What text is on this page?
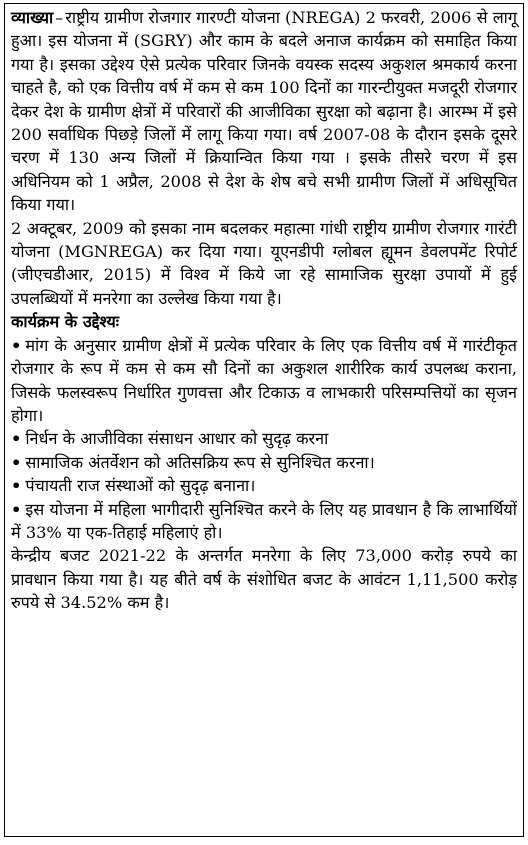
व्याख्या – राष्ट्रीय ग्रामीण रोजगार गारण्टी योजना (NREGA) 2 फरवरी, 2006 से लागू हुआ। इस योजना में (SGRY) और काम के बदले अनाज कार्यक्रम को समाहित किया गया है। इसका उद्देश्य ऐसे प्रत्येक परिवार जिनके वयस्क सदस्य अकुशल श्रमकार्य करना चाहते है, को एक वित्तीय वर्ष में कम से कम 100 दिनों का गारन्टीयुक्त मजदूरी रोजगार देकर देश के ग्रामीण क्षेत्रों में परिवारों की आजीविका सुरक्षा को बढ़ाना है। आरम्भ में इसे 200 सर्वाधिक पिछड़े जिलों में लागू किया गया। वर्ष 2007-08 के दौरान इसके दूसरे चरण में 130 अन्य जिलों में क्रियान्वित किया गया । इसके तीसरे चरण में इस अधिनियम को 1 अप्रैल, 2008 से देश के शेष बचे सभी ग्रामीण जिलों में अधिसूचित किया गया।

2 अक्टूबर, 2009 को इसका नाम बदलकर महात्मा गांधी राष्ट्रीय ग्रामीण रोजगार गारंटी योजना (MGNREGA) कर दिया गया। यूएनडीपी ग्लोबल ह्यूमन डेवलपमेंट रिपोर्ट (जीएचडीआर, 2015) में विश्व में किये जा रहे सामाजिक सुरक्षा उपायों में हुई उपलब्धियों में मनरेगा का उल्लेख किया गया है।

कार्यक्रम के उद्देश्यः

• मांग के अनुसार ग्रामीण क्षेत्रों में प्रत्येक परिवार के लिए एक वित्तीय वर्ष में गारंटीकृत रोजगार के रूप में कम से कम सौ दिनों का अकुशल शारीरिक कार्य उपलब्ध कराना, जिसके फलस्वरूप निर्धारित गुणवत्ता और टिकाऊ व लाभकारी परिसम्पत्तियों का सृजन होगा।

• निर्धन के आजीविका संसाधन आधार को सुदृढ़ करना

• सामाजिक अंतर्वेशन को अतिसक्रिय रूप से सुनिश्चित करना।

• पंचायती राज संस्थाओं को सुदृढ़ बनाना।

• इस योजना में महिला भागीदारी सुनिश्चित करने के लिए यह प्रावधान है कि लाभार्थियों में 33% या एक-तिहाई महिलाएं हो।

केन्द्रीय बजट 2021-22 के अन्तर्गत मनरेगा के लिए 73,000 करोड़ रुपये का प्रावधान किया गया है। यह बीते वर्ष के संशोधित बजट के आवंटन 1,11,500 करोड़ रुपये से 34.52% कम है।
